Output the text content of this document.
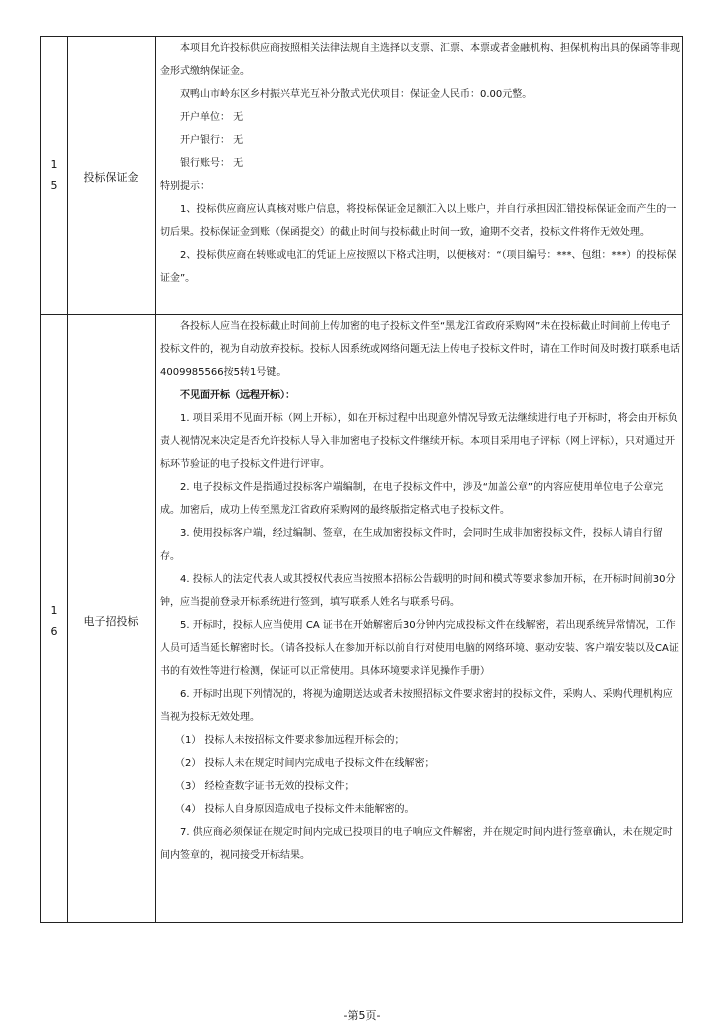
1
5
投标保证金

本项目允许投标供应商按照相关法律法规自主选择以支票、汇票、本票或者金融机构、担保机构出具的保函等非现金形式缴纳保证金。

双鸭山市岭东区乡村振兴草光互补分散式光伏项目：保证金人民币：0.00元整。

开户单位： 无

开户银行： 无

银行账号： 无

特别提示：

1、投标供应商应认真核对账户信息，将投标保证金足额汇入以上账户，并自行承担因汇错投标保证金而产生的一切后果。投标保证金到账（保函提交）的截止时间与投标截止时间一致，逾期不交者，投标文件将作无效处理。

2、投标供应商在转账或电汇的凭证上应按照以下格式注明，以便核对：“（项目编号：***、包组：***）的投标保证金”。

1
6
电子招投标

各投标人应当在投标截止时间前上传加密的电子投标文件至“黑龙江省政府采购网”未在投标截止时间前上传电子投标文件的，视为自动放弃投标。投标人因系统或网络问题无法上传电子投标文件时，请在工作时间及时拨打联系电话4009985566按5转1号键。

不见面开标（远程开标）：

1. 项目采用不见面开标（网上开标），如在开标过程中出现意外情况导致无法继续进行电子开标时，将会由开标负责人视情况来决定是否允许投标人导入非加密电子投标文件继续开标。本项目采用电子评标（网上评标），只对通过开标环节验证的电子投标文件进行评审。

2. 电子投标文件是指通过投标客户端编制，在电子投标文件中，涉及“加盖公章”的内容应使用单位电子公章完成。加密后，成功上传至黑龙江省政府采购网的最终版指定格式电子投标文件。

3. 使用投标客户端，经过编制、签章，在生成加密投标文件时，会同时生成非加密投标文件，投标人请自行留存。

4. 投标人的法定代表人或其授权代表应当按照本招标公告载明的时间和模式等要求参加开标，在开标时间前30分钟，应当提前登录开标系统进行签到，填写联系人姓名与联系号码。

5. 开标时，投标人应当使用 CA 证书在开始解密后30分钟内完成投标文件在线解密，若出现系统异常情况，工作人员可适当延长解密时长。（请各投标人在参加开标以前自行对使用电脑的网络环境、驱动安装、客户端安装以及CA证书的有效性等进行检测，保证可以正常使用。具体环境要求详见操作手册）

6. 开标时出现下列情况的，将视为逾期送达或者未按照招标文件要求密封的投标文件，采购人、采购代理机构应当视为投标无效处理。

（1） 投标人未按招标文件要求参加远程开标会的；

（2） 投标人未在规定时间内完成电子投标文件在线解密；

（3） 经检查数字证书无效的投标文件；

（4） 投标人自身原因造成电子投标文件未能解密的。

7. 供应商必须保证在规定时间内完成已投项目的电子响应文件解密，并在规定时间内进行签章确认，未在规定时间内签章的，视同接受开标结果。

-第5页-
